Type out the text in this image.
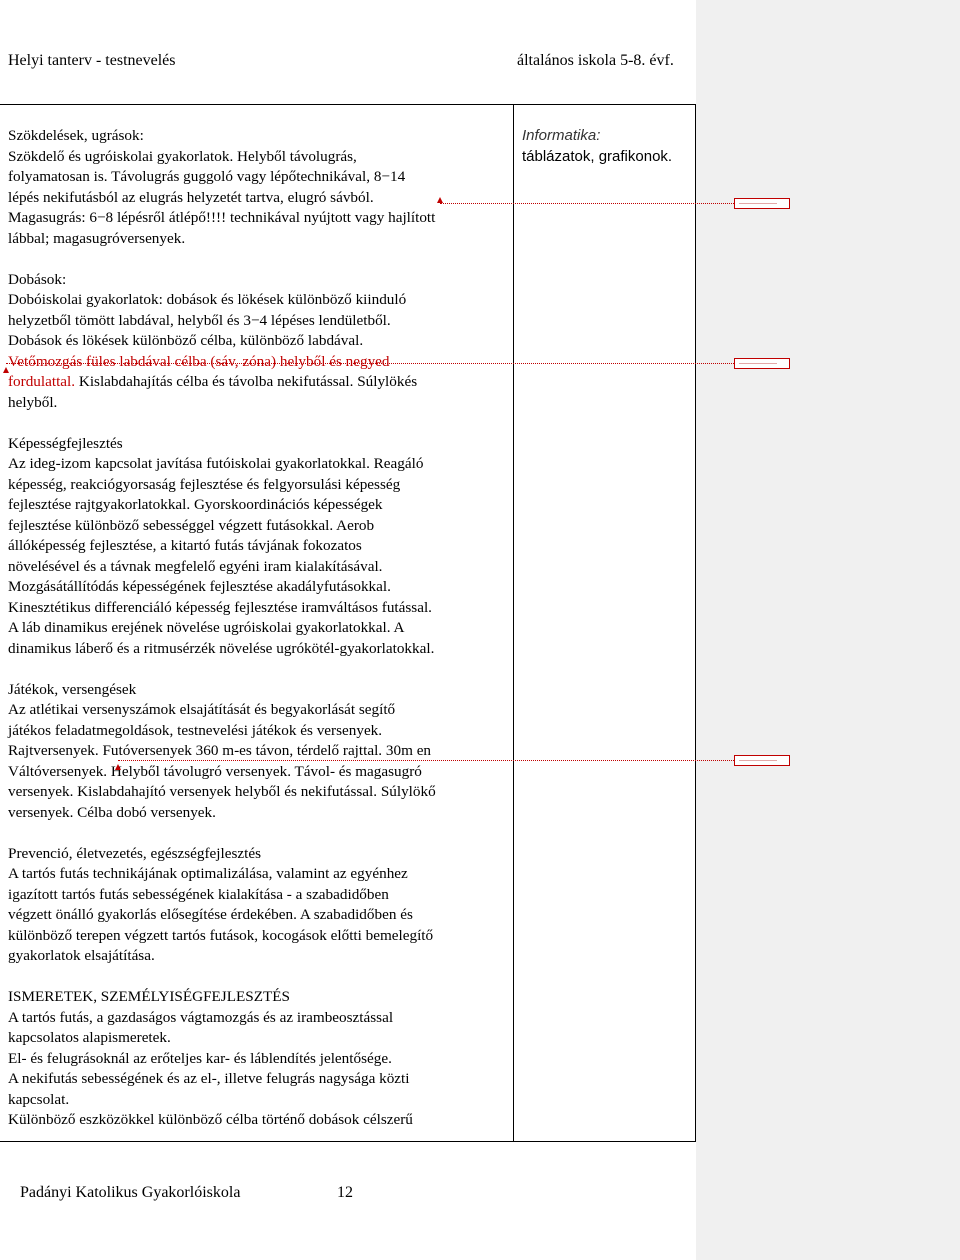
Helyi tanterv - testnevelés	általános iskola 5-8. évf.

Szökdelések, ugrások:
Szökdelő és ugróiskolai gyakorlatok. Helyből távolugrás,
folyamatosan is. Távolugrás guggoló vagy lépőtechnikával, 8−14
lépés nekifutásból az elugrás helyzetét tartva, elugró sávból.
Magasugrás: 6−8 lépésről átlépő!!!! technikával nyújtott vagy hajlított
lábbal; magasugróversenyek.

Dobások:
Dobóiskolai gyakorlatok: dobások és lökések különböző kiinduló
helyzetből tömött labdával, helyből és 3−4 lépéses lendületből.
Dobások és lökések különböző célba, különböző labdával.
Vetőmozgás füles labdával célba (sáv, zóna) helyből és negyed
fordulattal. Kislabdahajítás célba és távolba nekifutással. Súlylökés
helyből.

Képességfejlesztés
Az ideg-izom kapcsolat javítása futóiskolai gyakorlatokkal. Reagáló
képesség, reakciógyorsaság fejlesztése és felgyorsulási képesség
fejlesztése rajtgyakorlatokkal. Gyorskoordinációs képességek
fejlesztése különböző sebességgel végzett futásokkal. Aerob
állóképesség fejlesztése, a kitartó futás távjának fokozatos
növelésével és a távnak megfelelő egyéni iram kialakításával.
Mozgásátállítódás képességének fejlesztése akadályfutásokkal.
Kinesztétikus differenciáló képesség fejlesztése iramváltásos futással.
A láb dinamikus erejének növelése ugróiskolai gyakorlatokkal. A
dinamikus láberő és a ritmusérzék növelése ugrókötél-gyakorlatokkal.

Játékok, versengések
Az atlétikai versenyszámok elsajátítását és begyakorlását segítő
játékos feladatmegoldások, testnevelési játékok és versenyek.
Rajtversenyek. Futóversenyek 360 m-es távon, térdelő rajttal. 30m en
Váltóversenyek. Helyből távolugró versenyek. Távol- és magasugró
versenyek. Kislabdahajító versenyek helyből és nekifutással. Súlylökő
versenyek. Célba dobó versenyek.

Prevenció, életvezetés, egészségfejlesztés
A tartós futás technikájának optimalizálása, valamint az egyénhez
igazított tartós futás sebességének kialakítása - a szabadidőben
végzett önálló gyakorlás elősegítése érdekében. A szabadidőben és
különböző terepen végzett tartós futások, kocogások előtti bemelegítő
gyakorlatok elsajátítása.

ISMERETEK, SZEMÉLYISÉGFEJLESZTÉS
A tartós futás, a gazdaságos vágtamozgás és az irambeosztással
kapcsolatos alapismeretek.
El- és felugrásoknál az erőteljes kar- és láblendítés jelentősége.
A nekifutás sebességének és az el-, illetve felugrás nagysága közti
kapcsolat.
Különböző eszközökkel különböző célba történő dobások célszerű

Informatika:
táblázatok, grafikonok.
Padányi Katolikus Gyakorlóiskola	12
